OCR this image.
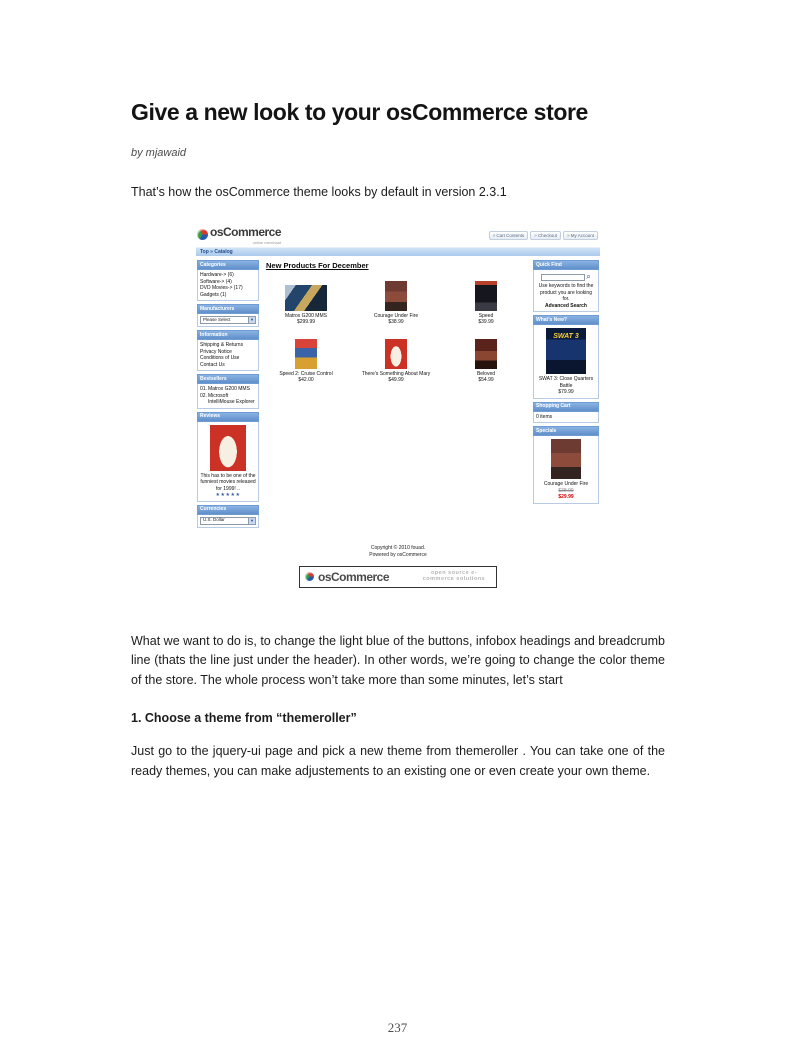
Give a new look to your osCommerce store
by mjawaid

That’s how the osCommerce theme looks by default in version 2.3.1

osCommerce
online merchant
» Cart Contents » Checkout » My Account
Top » Catalog
Categories
Hardware-> (6)
Software-> (4)
DVD Movies-> (17)
Gadgets (1)
Manufacturers
Please Select	▼
Information
Shipping & Returns
Privacy Notice
Conditions of Use
Contact Us
Bestsellers
01. Matrox G200 MMS
02. Microsoft IntelliMouse Explorer
Reviews
This has to be one of the funniest movies released for 1999! ..
★★★★★
Currencies
U.S. Dollar	▼
New Products For December
Matrox G200 MMS
$299.99
Courage Under Fire
$38.99
Speed
$39.99
Speed 2: Cruise Control
$42.00
There’s Something About Mary
$49.99
Beloved
$54.99
Quick Find
⌕
Use keywords to find the product you are looking for.
Advanced Search
What’s New?
SWAT 3
SWAT 3: Close Quarters Battle
$79.99
Shopping Cart
0 items
Specials
Courage Under Fire
$38.99
$29.99
Copyright © 2010 fouad.
Powered by osCommerce
osCommerce	open source e-commerce solutions

What we want to do is, to change the light blue of the buttons, infobox headings and breadcrumb line (thats the line just under the header). In other words, we’re going to change the color theme of the store. The whole process won’t take more than some minutes, let’s start

1. Choose a theme from “themeroller”

Just go to the jquery-ui page and pick a new theme from themeroller . You can take one of the ready themes, you can make adjustements to an existing one or even create your own theme.

237
